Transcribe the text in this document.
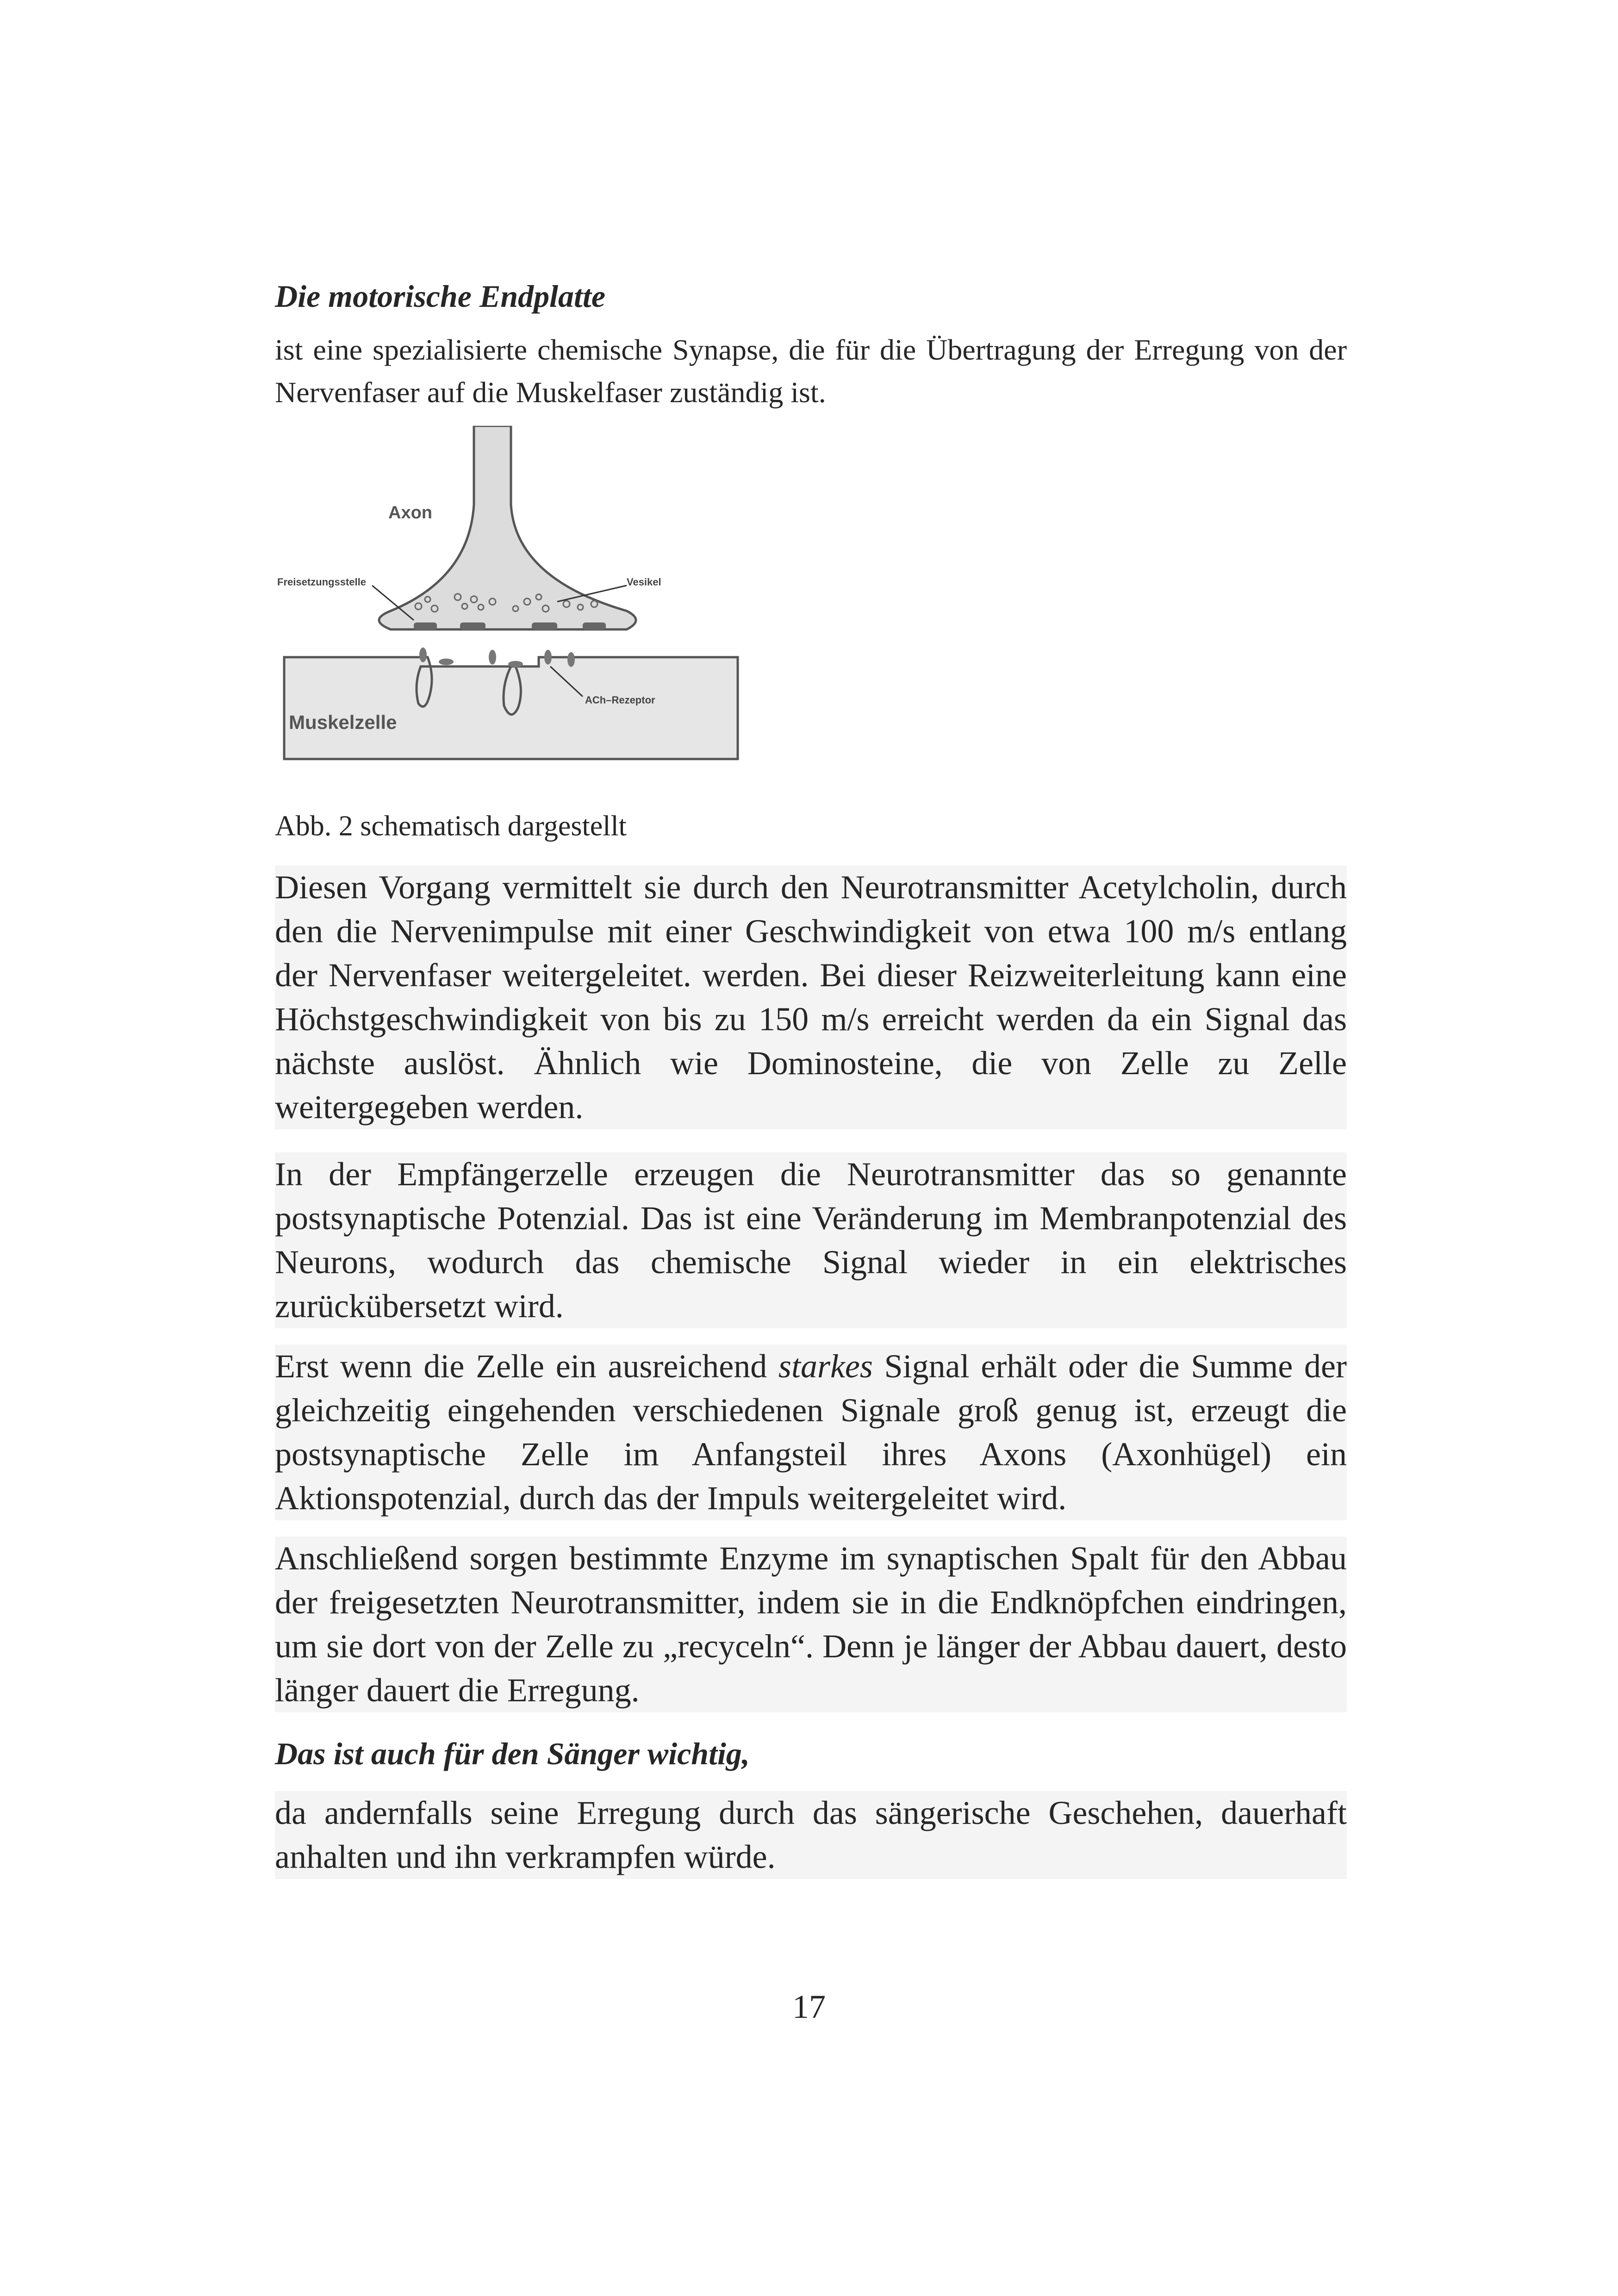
Die motorische Endplatte

ist eine spezialisierte chemische Synapse, die für die Übertragung der Erregung von der Nervenfaser auf die Muskelfaser zuständig ist.

Axon
Freisetzungsstelle	Vesikel
Muskelzelle
ACh–Rezeptor

Abb. 2 schematisch dargestellt

Diesen Vorgang vermittelt sie durch den Neurotransmitter Acetylcholin, durch den die Nervenimpulse mit einer Geschwindigkeit von etwa 100 m/s entlang der Nervenfaser weitergeleitet. werden. Bei dieser Reizweiterleitung kann eine Höchstgeschwindigkeit von bis zu 150 m/s erreicht werden da ein Signal das nächste auslöst. Ähnlich wie Dominosteine, die von Zelle zu Zelle weitergegeben werden.

In der Empfängerzelle erzeugen die Neurotransmitter das so genannte postsynaptische Potenzial. Das ist eine Veränderung im Membranpotenzial des Neurons, wodurch das chemische Signal wieder in ein elektrisches zurückübersetzt wird.

Erst wenn die Zelle ein ausreichend starkes Signal erhält oder die Summe der gleichzeitig eingehenden verschiedenen Signale groß genug ist, erzeugt die postsynaptische Zelle im Anfangsteil ihres Axons (Axonhügel) ein Aktionspotenzial, durch das der Impuls weitergeleitet wird.

Anschließend sorgen bestimmte Enzyme im synaptischen Spalt für den Abbau der freigesetzten Neurotransmitter, indem sie in die Endknöpfchen eindringen, um sie dort von der Zelle zu „recyceln“. Denn je länger der Abbau dauert, desto länger dauert die Erregung.

Das ist auch für den Sänger wichtig,

da andernfalls seine Erregung durch das sängerische Geschehen, dauerhaft anhalten und ihn verkrampfen würde.

17
